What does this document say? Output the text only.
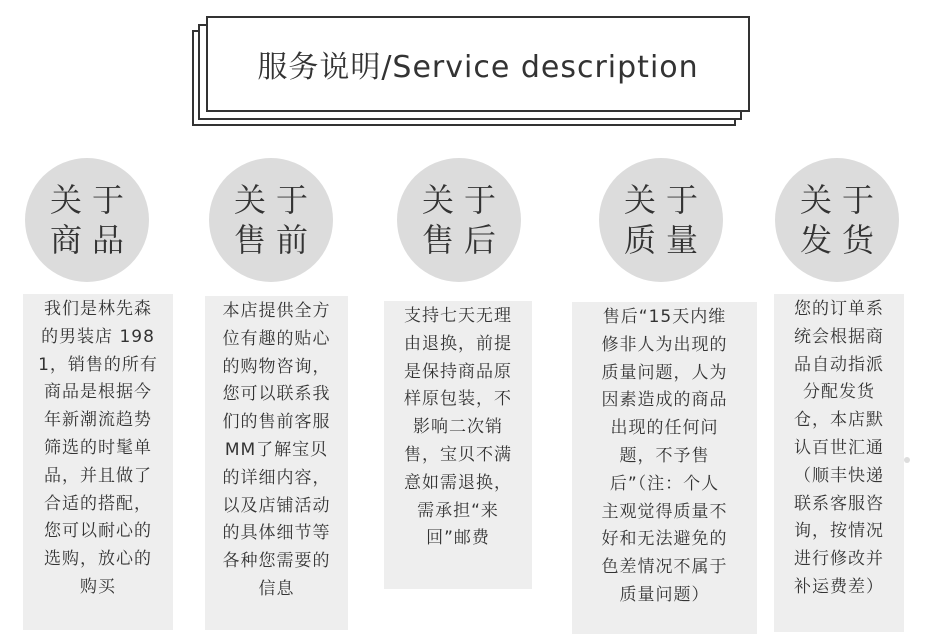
服务说明/Service description
关于
商品
我们是林先森
的男装店 198
1，销售的所有
商品是根据今
年新潮流趋势
筛选的时髦单
品，并且做了
合适的搭配，
您可以耐心的
选购，放心的
购买
关于
售前
本店提供全方
位有趣的贴心
的购物咨询，
您可以联系我
们的售前客服
MM了解宝贝
的详细内容，
以及店铺活动
的具体细节等
各种您需要的
信息
关于
售后
支持七天无理
由退换，前提
是保持商品原
样原包装，不
影响二次销
售，宝贝不满
意如需退换，
需承担“来
回”邮费
关于
质量
售后“15天内维
修非人为出现的
质量问题，人为
因素造成的商品
出现的任何问
题，不予售
后”（注：个人
主观觉得质量不
好和无法避免的
色差情况不属于
质量问题）
关于
发货
您的订单系
统会根据商
品自动指派
分配发货
仓，本店默
认百世汇通
（顺丰快递
联系客服咨
询，按情况
进行修改并
补运费差）
